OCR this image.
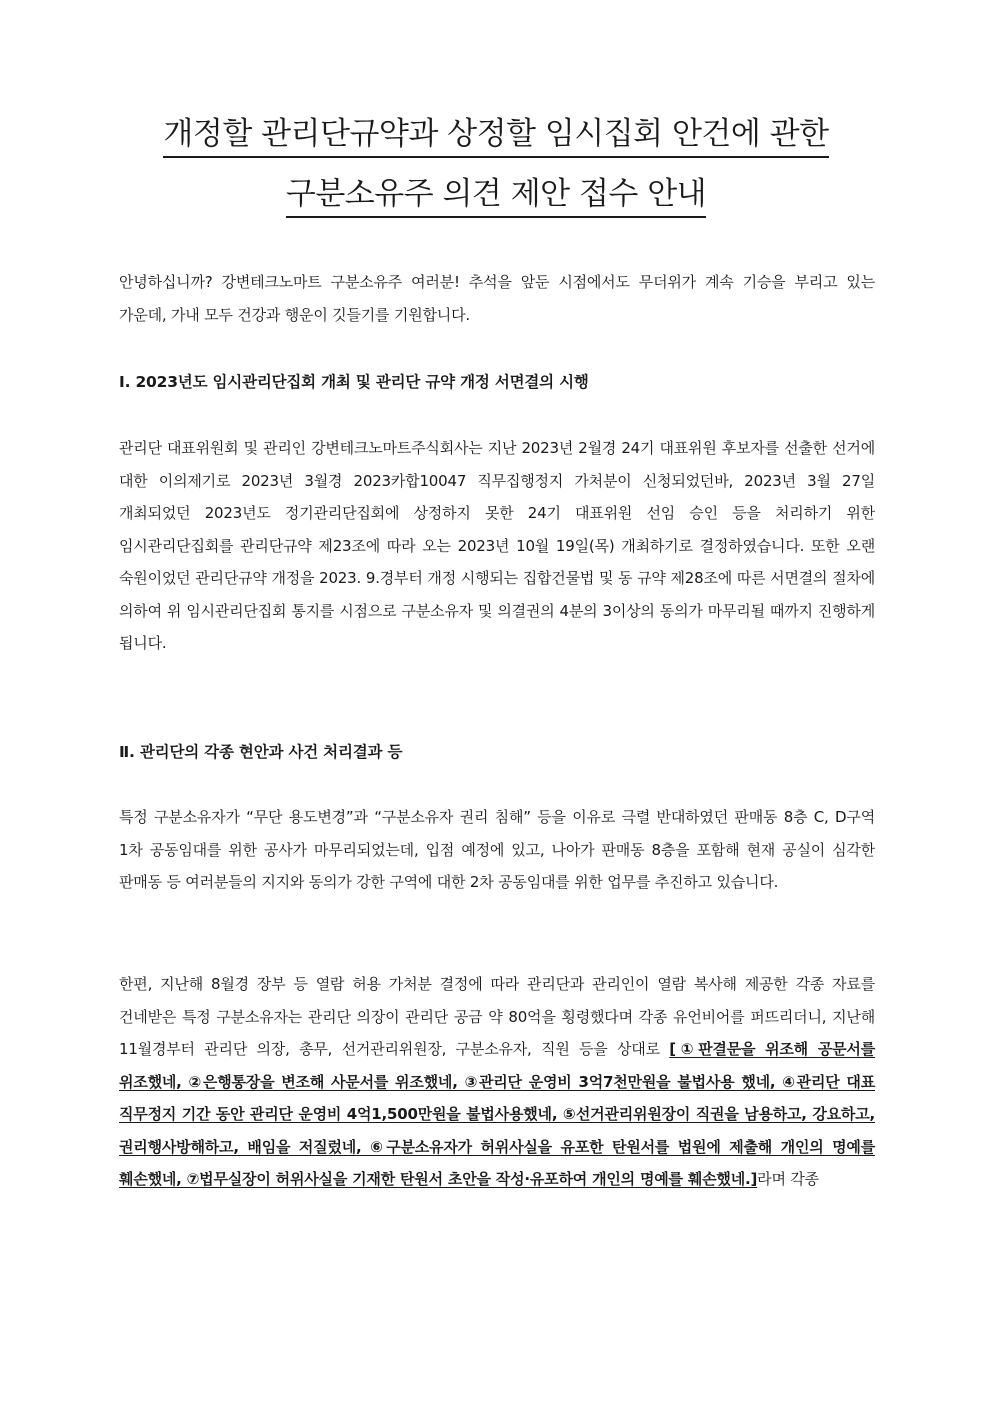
개정할 관리단규약과 상정할 임시집회 안건에 관한
구분소유주 의견 제안 접수 안내

안녕하십니까? 강변테크노마트 구분소유주 여러분! 추석을 앞둔 시점에서도 무더위가 계속 기승을 부리고 있는 가운데, 가내 모두 건강과 행운이 깃들기를 기원합니다.

Ⅰ. 2023년도 임시관리단집회 개최 및 관리단 규약 개정 서면결의 시행

관리단 대표위원회 및 관리인 강변테크노마트주식회사는 지난 2023년 2월경 24기 대표위원 후보자를 선출한 선거에 대한 이의제기로 2023년 3월경 2023카합10047 직무집행정지 가처분이 신청되었던바, 2023년 3월 27일 개최되었던 2023년도 정기관리단집회에 상정하지 못한 24기 대표위원 선임 승인 등을 처리하기 위한 임시관리단집회를 관리단규약 제23조에 따라 오는 2023년 10월 19일(목) 개최하기로 결정하였습니다. 또한 오랜 숙원이었던 관리단규약 개정을 2023. 9.경부터 개정 시행되는 집합건물법 및 동 규약 제28조에 따른 서면결의 절차에 의하여 위 임시관리단집회 통지를 시점으로 구분소유자 및 의결권의 4분의 3이상의 동의가 마무리될 때까지 진행하게 됩니다.

Ⅱ. 관리단의 각종 현안과 사건 처리결과 등

특정 구분소유자가 “무단 용도변경”과 “구분소유자 권리 침해” 등을 이유로 극렬 반대하였던 판매동 8층 C, D구역 1차 공동임대를 위한 공사가 마무리되었는데, 입점 예정에 있고, 나아가 판매동 8층을 포함해 현재 공실이 심각한 판매동 등 여러분들의 지지와 동의가 강한 구역에 대한 2차 공동임대를 위한 업무를 추진하고 있습니다.

한편, 지난해 8월경 장부 등 열람 허용 가처분 결정에 따라 관리단과 관리인이 열람 복사해 제공한 각종 자료를 건네받은 특정 구분소유자는 관리단 의장이 관리단 공금 약 80억을 횡령했다며 각종 유언비어를 퍼뜨리더니, 지난해 11월경부터 관리단 의장, 총무, 선거관리위원장, 구분소유자, 직원 등을 상대로 [①판결문을 위조해 공문서를 위조했네, ②은행통장을 변조해 사문서를 위조했네, ③관리단 운영비 3억7천만원을 불법사용 했네, ④관리단 대표 직무정지 기간 동안 관리단 운영비 4억1,500만원을 불법사용했네, ⑤선거관리위원장이 직권을 남용하고, 강요하고, 권리행사방해하고, 배임을 저질렀네, ⑥구분소유자가 허위사실을 유포한 탄원서를 법원에 제출해 개인의 명예를 훼손했네, ⑦법무실장이 허위사실을 기재한 탄원서 초안을 작성·유포하여 개인의 명예를 훼손했네.]라며 각종
